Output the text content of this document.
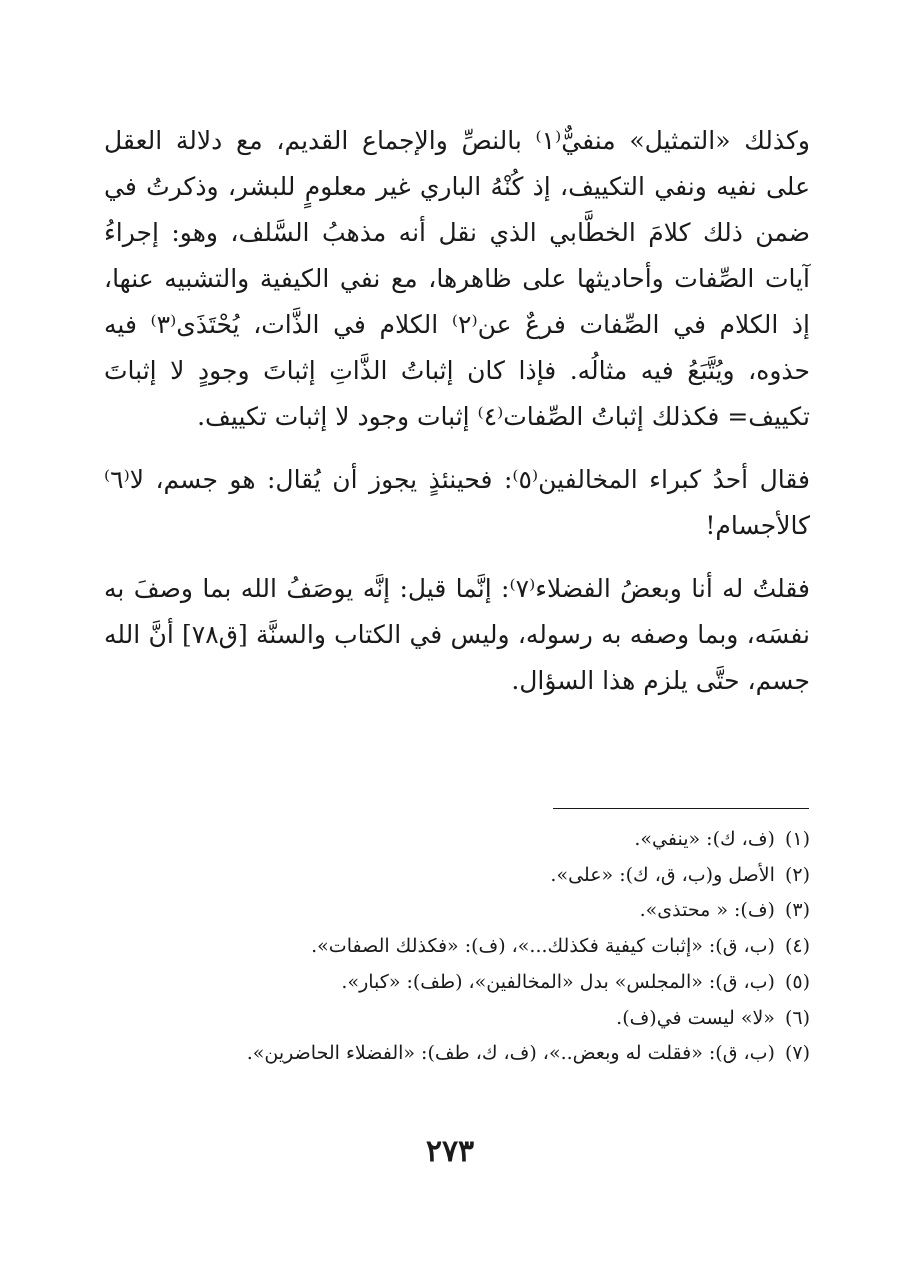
وكذلك «التمثيل» منفيٌّ⁽١⁾ بالنصِّ والإجماع القديم، مع دلالة العقل على نفيه ونفي التكييف، إذ كُنْهُ الباري غير معلومٍ للبشر، وذكرتُ في ضمن ذلك كلامَ الخطَّابي الذي نقل أنه مذهبُ السَّلف، وهو: إجراءُ آيات الصِّفات وأحاديثها على ظاهرها، مع نفي الكيفية والتشبيه عنها، إذ الكلام في الصِّفات فرعٌ عن⁽٢⁾ الكلام في الذَّات، يُحْتَذَى⁽٣⁾ فيه حذوه، ويُتَّبَعُ فيه مثالُه. فإذا كان إثباتُ الذَّاتِ إثباتَ وجودٍ لا إثباتَ تكييف= فكذلك إثباتُ الصِّفات⁽٤⁾ إثبات وجود لا إثبات تكييف.

فقال أحدُ كبراء المخالفين⁽٥⁾: فحينئذٍ يجوز أن يُقال: هو جسم، لا⁽٦⁾ كالأجسام!

فقلتُ له أنا وبعضُ الفضلاء⁽٧⁾: إنَّما قيل: إنَّه يوصَفُ الله بما وصفَ به نفسَه، وبما وصفه به رسوله، وليس في الكتاب والسنَّة [ق٧٨] أنَّ الله جسم، حتَّى يلزم هذا السؤال.

(١)(ف، ك): «ينفي».
(٢)الأصل و(ب، ق، ك): «على».
(٣)(ف): « محتذى».
(٤)(ب، ق): «إثبات كيفية فكذلك...»، (ف): «فكذلك الصفات».
(٥)(ب، ق): «المجلس» بدل «المخالفين»، (طف): «كبار».
(٦)«لا» ليست في(ف).
(٧)(ب، ق): «فقلت له وبعض..»، (ف، ك، طف): «الفضلاء الحاضرين».
٢٧٣
